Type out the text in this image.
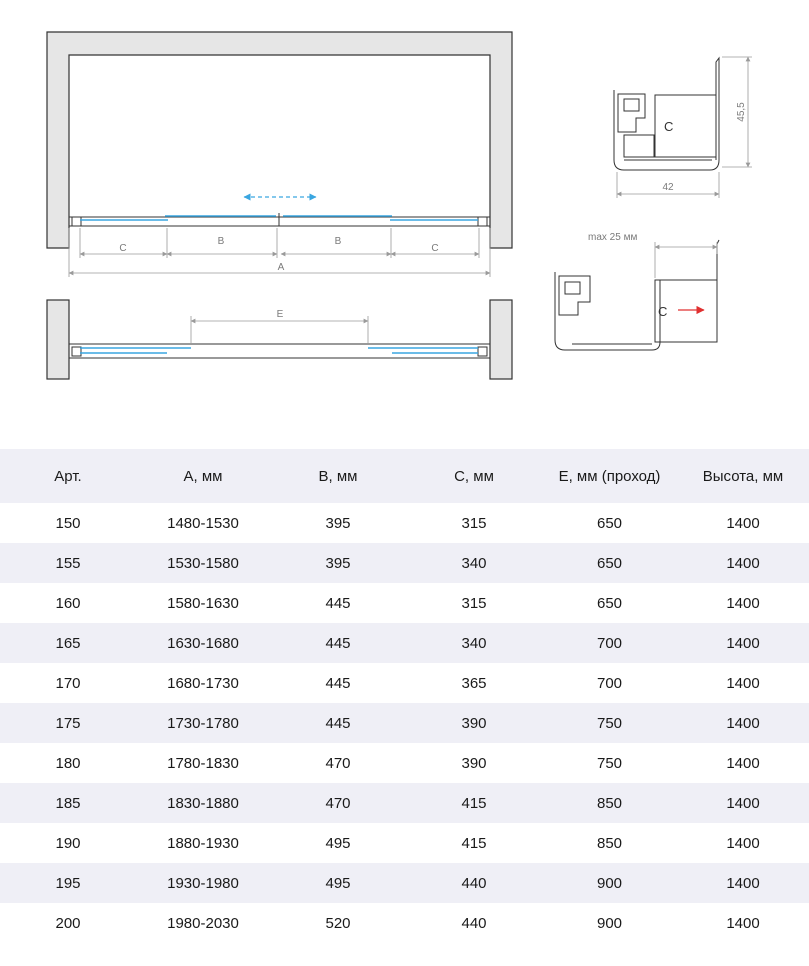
C
B	B
C
A
E
C
45,5
42
C
max 25 мм
Арт.	A, мм	B, мм	C, мм	E, мм (проход)	Высота, мм
150	1480-1530	395	315	650	1400
155	1530-1580	395	340	650	1400
160	1580-1630	445	315	650	1400
165	1630-1680	445	340	700	1400
170	1680-1730	445	365	700	1400
175	1730-1780	445	390	750	1400
180	1780-1830	470	390	750	1400
185	1830-1880	470	415	850	1400
190	1880-1930	495	415	850	1400
195	1930-1980	495	440	900	1400
200	1980-2030	520	440	900	1400
